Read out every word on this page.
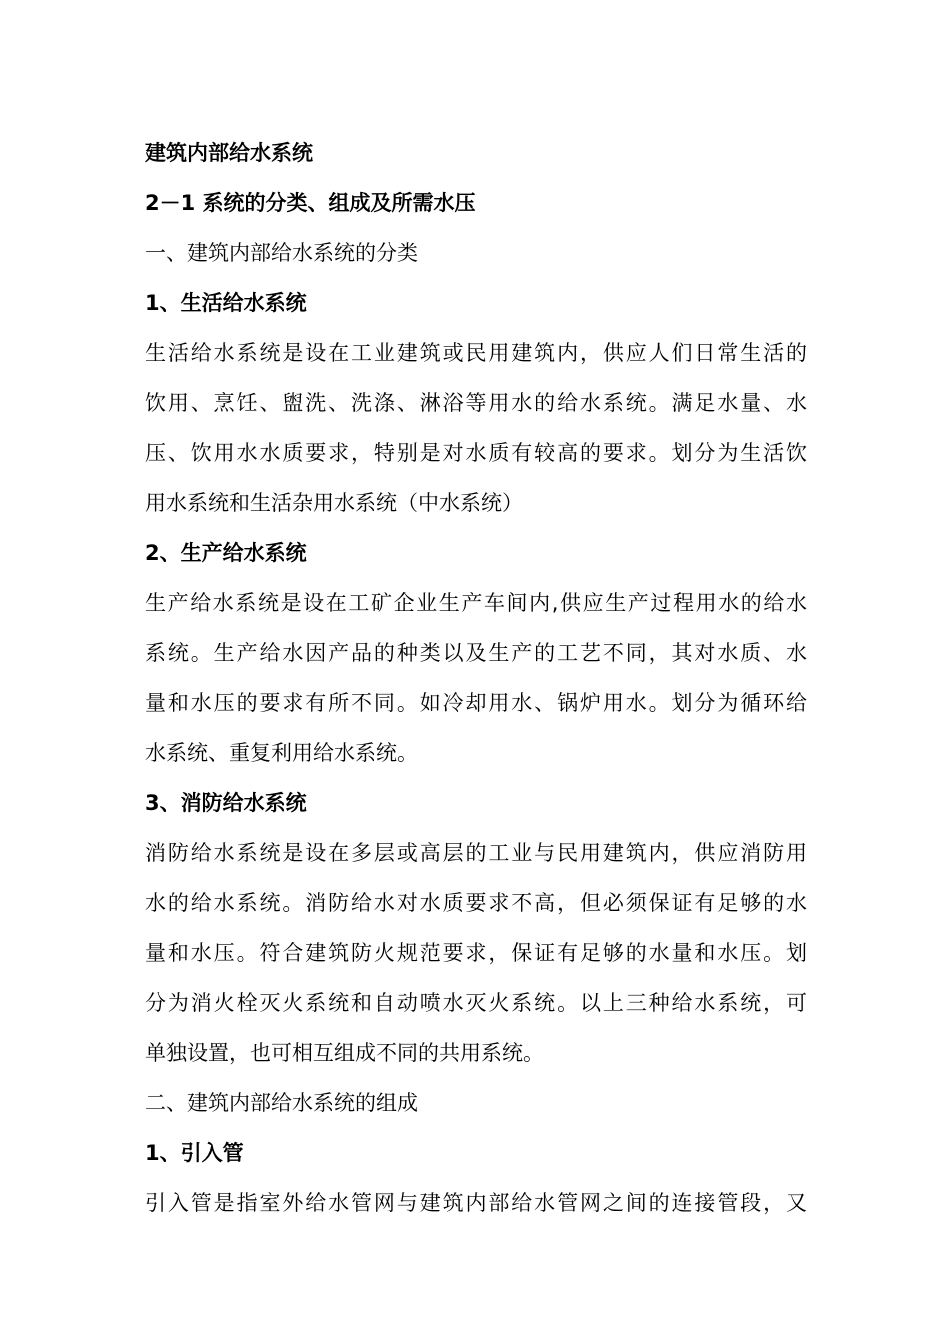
建筑内部给水系统
2－1 系统的分类、组成及所需水压
一、建筑内部给水系统的分类
1、生活给水系统
生活给水系统是设在工业建筑或民用建筑内，供应人们日常生活的
饮用、烹饪、盥洗、洗涤、淋浴等用水的给水系统。满足水量、水
压、饮用水水质要求，特别是对水质有较高的要求。划分为生活饮
用水系统和生活杂用水系统（中水系统）
2、生产给水系统
生产给水系统是设在工矿企业生产车间内,供应生产过程用水的给水
系统。生产给水因产品的种类以及生产的工艺不同，其对水质、水
量和水压的要求有所不同。如冷却用水、锅炉用水。划分为循环给
水系统、重复利用给水系统。
3、消防给水系统
消防给水系统是设在多层或高层的工业与民用建筑内，供应消防用
水的给水系统。消防给水对水质要求不高，但必须保证有足够的水
量和水压。符合建筑防火规范要求，保证有足够的水量和水压。划
分为消火栓灭火系统和自动喷水灭火系统。以上三种给水系统，可
单独设置，也可相互组成不同的共用系统。
二、建筑内部给水系统的组成
1、引入管
引入管是指室外给水管网与建筑内部给水管网之间的连接管段，又
